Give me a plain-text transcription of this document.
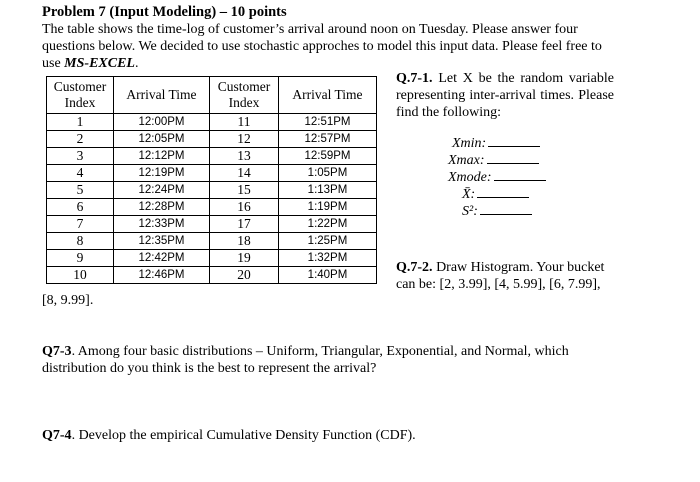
Problem 7 (Input Modeling) – 10 points
The table shows the time-log of customer’s arrival around noon on Tuesday. Please answer four questions below. We decided to use stochastic approches to model this input data. Please feel free to use MS-EXCEL.
Customer Index	Arrival Time	Customer Index	Arrival Time
1	12:00PM	11	12:51PM
2	12:05PM	12	12:57PM
3	12:12PM	13	12:59PM
4	12:19PM	14	1:05PM
5	12:24PM	15	1:13PM
6	12:28PM	16	1:19PM
7	12:33PM	17	1:22PM
8	12:35PM	18	1:25PM
9	12:42PM	19	1:32PM
10	12:46PM	20	1:40PM
Q.7-1. Let X be the random variable representing inter-arrival times. Please find the following:
Xmin:
Xmax:
Xmode:
X̄:
S²:
Q.7-2. Draw Histogram. Your bucket can be: [2, 3.99], [4, 5.99], [6, 7.99],
[8, 9.99].
Q7-3. Among four basic distributions – Uniform, Triangular, Exponential, and Normal, which distribution do you think is the best to represent the arrival?
Q7-4. Develop the empirical Cumulative Density Function (CDF).
